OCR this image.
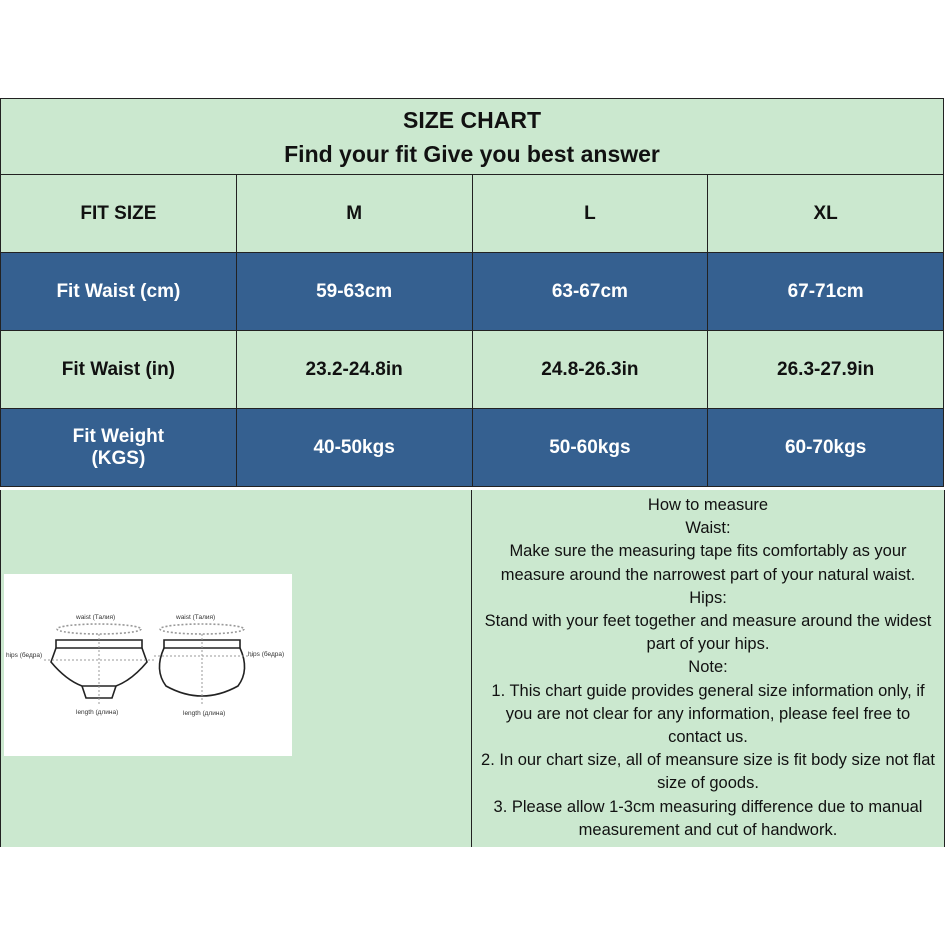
SIZE CHART
Find your fit Give you best answer
FIT SIZE	M	L	XL
Fit Waist (cm)	59-63cm	63-67cm	67-71cm
Fit Waist (in)	23.2-24.8in	24.8-26.3in	26.3-27.9in

Fit Weight
(KGS)	40-50kgs	50-60kgs	60-70kgs
waist (Талия)	waist (Талия)
hips (бедра)	hips (бедра)
length (длина)	length (длина)

How to measure

Waist:

Make sure the measuring tape fits comfortably as your measure around the narrowest part of your natural waist.

Hips:

Stand with your feet together and measure around the widest part of your hips.

Note:

1. This chart guide provides general size information only, if you are not clear for any information, please feel free to contact us.

2. In our chart size, all of meansure size is fit body size not flat size of goods.

3. Please allow 1-3cm measuring difference due to manual measurement and cut of handwork.
